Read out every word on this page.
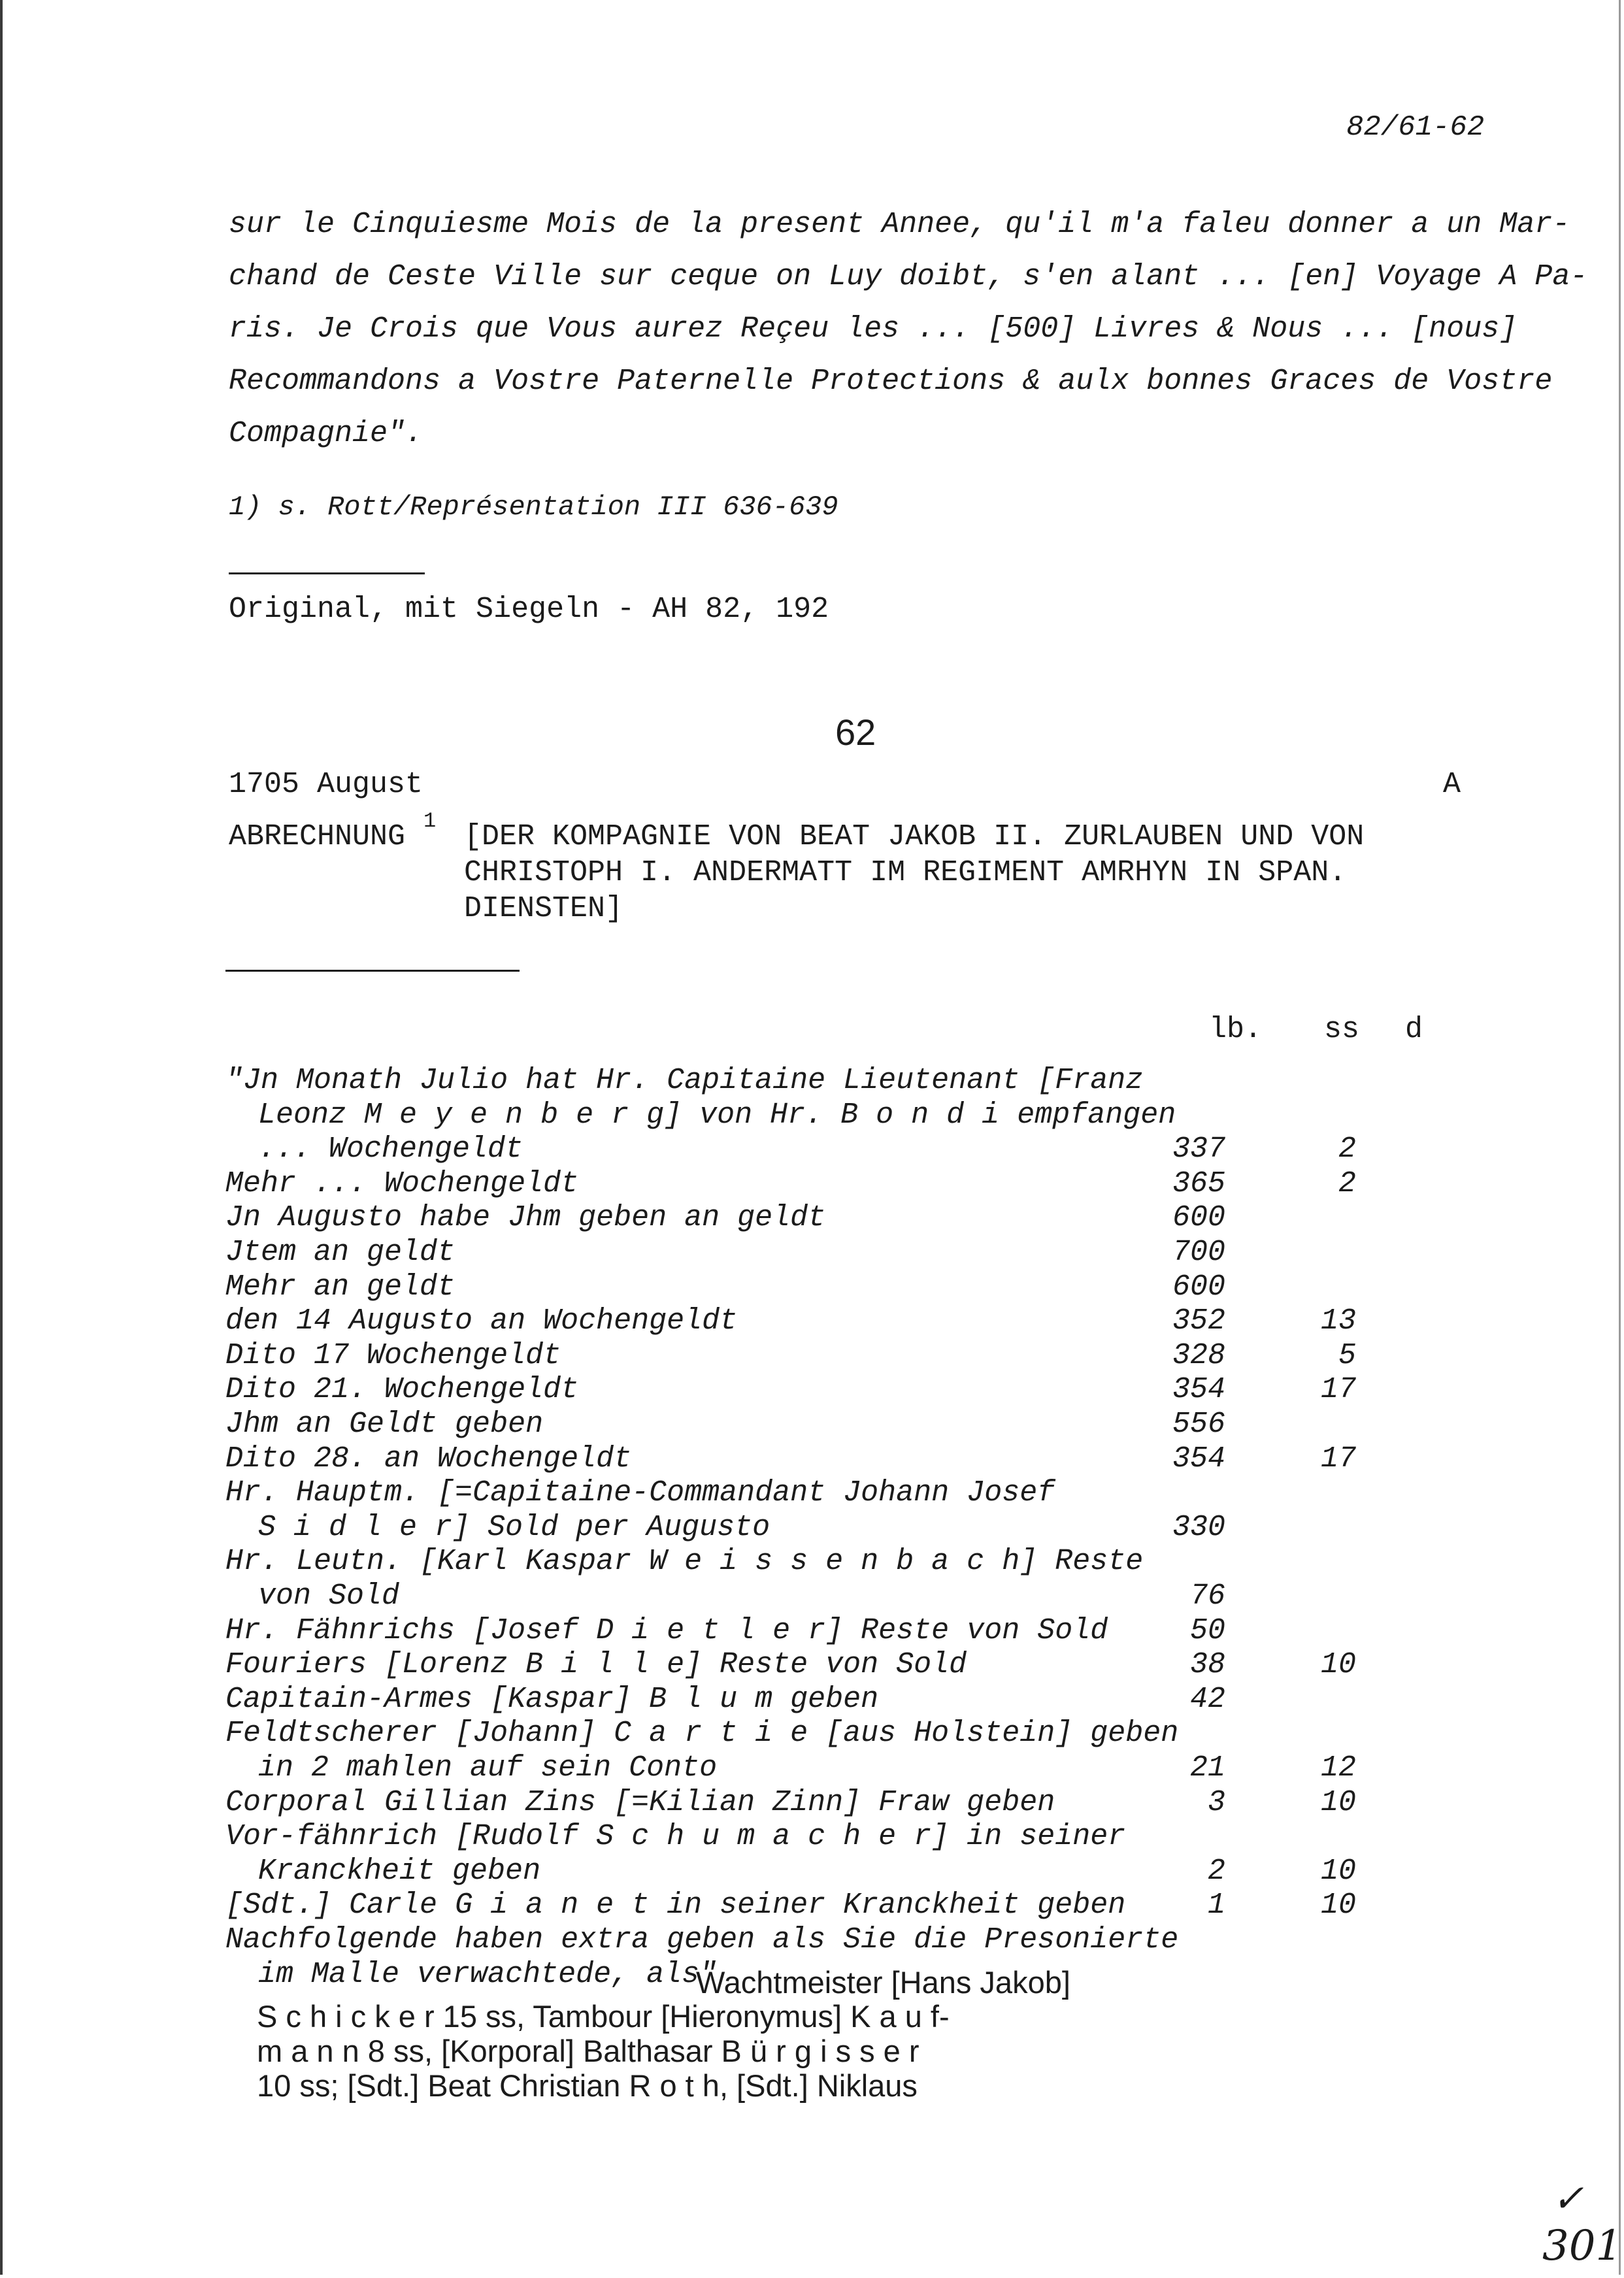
82/61-62
sur le Cinquiesme Mois de la present Annee, qu'il m'a faleu donner a un Mar-
chand de Ceste Ville sur ceque on Luy doibt, s'en alant ... [en] Voyage A Pa-
ris. Je Crois que Vous aurez Reçeu les ... [500] Livres & Nous ... [nous]
Recommandons a Vostre Paternelle Protections & aulx bonnes Graces de Vostre
Compagnie".
1) s. Rott/Représentation III 636-639
Original, mit Siegeln - AH 82, 192
62
1705 August	A
ABRECHNUNG 1 [DER KOMPAGNIE VON BEAT JAKOB II. ZURLAUBEN UND VON
CHRISTOPH I. ANDERMATT IM REGIMENT AMRHYN IN SPAN.
DIENSTEN]
lb. ss d
"Jn Monath Julio hat Hr. Capitaine Lieutenant [Franz
Leonz M e y e n b e r g] von Hr. B o n d i empfangen
... Wochengeldt	337	2
Mehr ... Wochengeldt	365	2
Jn Augusto habe Jhm geben an geldt	600
Jtem an geldt	700
Mehr an geldt	600
den 14 Augusto an Wochengeldt	352	13
Dito 17 Wochengeldt	328	5
Dito 21. Wochengeldt	354	17
Jhm an Geldt geben	556
Dito 28. an Wochengeldt	354	17
Hr. Hauptm. [=Capitaine-Commandant Johann Josef
S i d l e r] Sold per Augusto	330
Hr. Leutn. [Karl Kaspar W e i s s e n b a c h] Reste
von Sold	76
Hr. Fähnrichs [Josef D i e t l e r] Reste von Sold	50
Fouriers [Lorenz B i l l e] Reste von Sold	38	10
Capitain-Armes [Kaspar] B l u m geben	42
Feldtscherer [Johann] C a r t i e [aus Holstein] geben
in 2 mahlen auf sein Conto	21	12
Corporal Gillian Zins [=Kilian Zinn] Fraw geben	3	10
Vor-fähnrich [Rudolf S c h u m a c h e r] in seiner
Kranckheit geben	2	10
[Sdt.] Carle G i a n e t in seiner Kranckheit geben	1	10
Nachfolgende haben extra geben als Sie die Presonierte
im Malle verwachtede, als"
Wachtmeister [Hans Jakob]
S c h i c k e r 15 ss, Tambour [Hieronymus] K a u f-
m a n n 8 ss, [Korporal] Balthasar B ü r g i s s e r
10 ss; [Sdt.] Beat Christian R o t h, [Sdt.] Niklaus
✓
301
